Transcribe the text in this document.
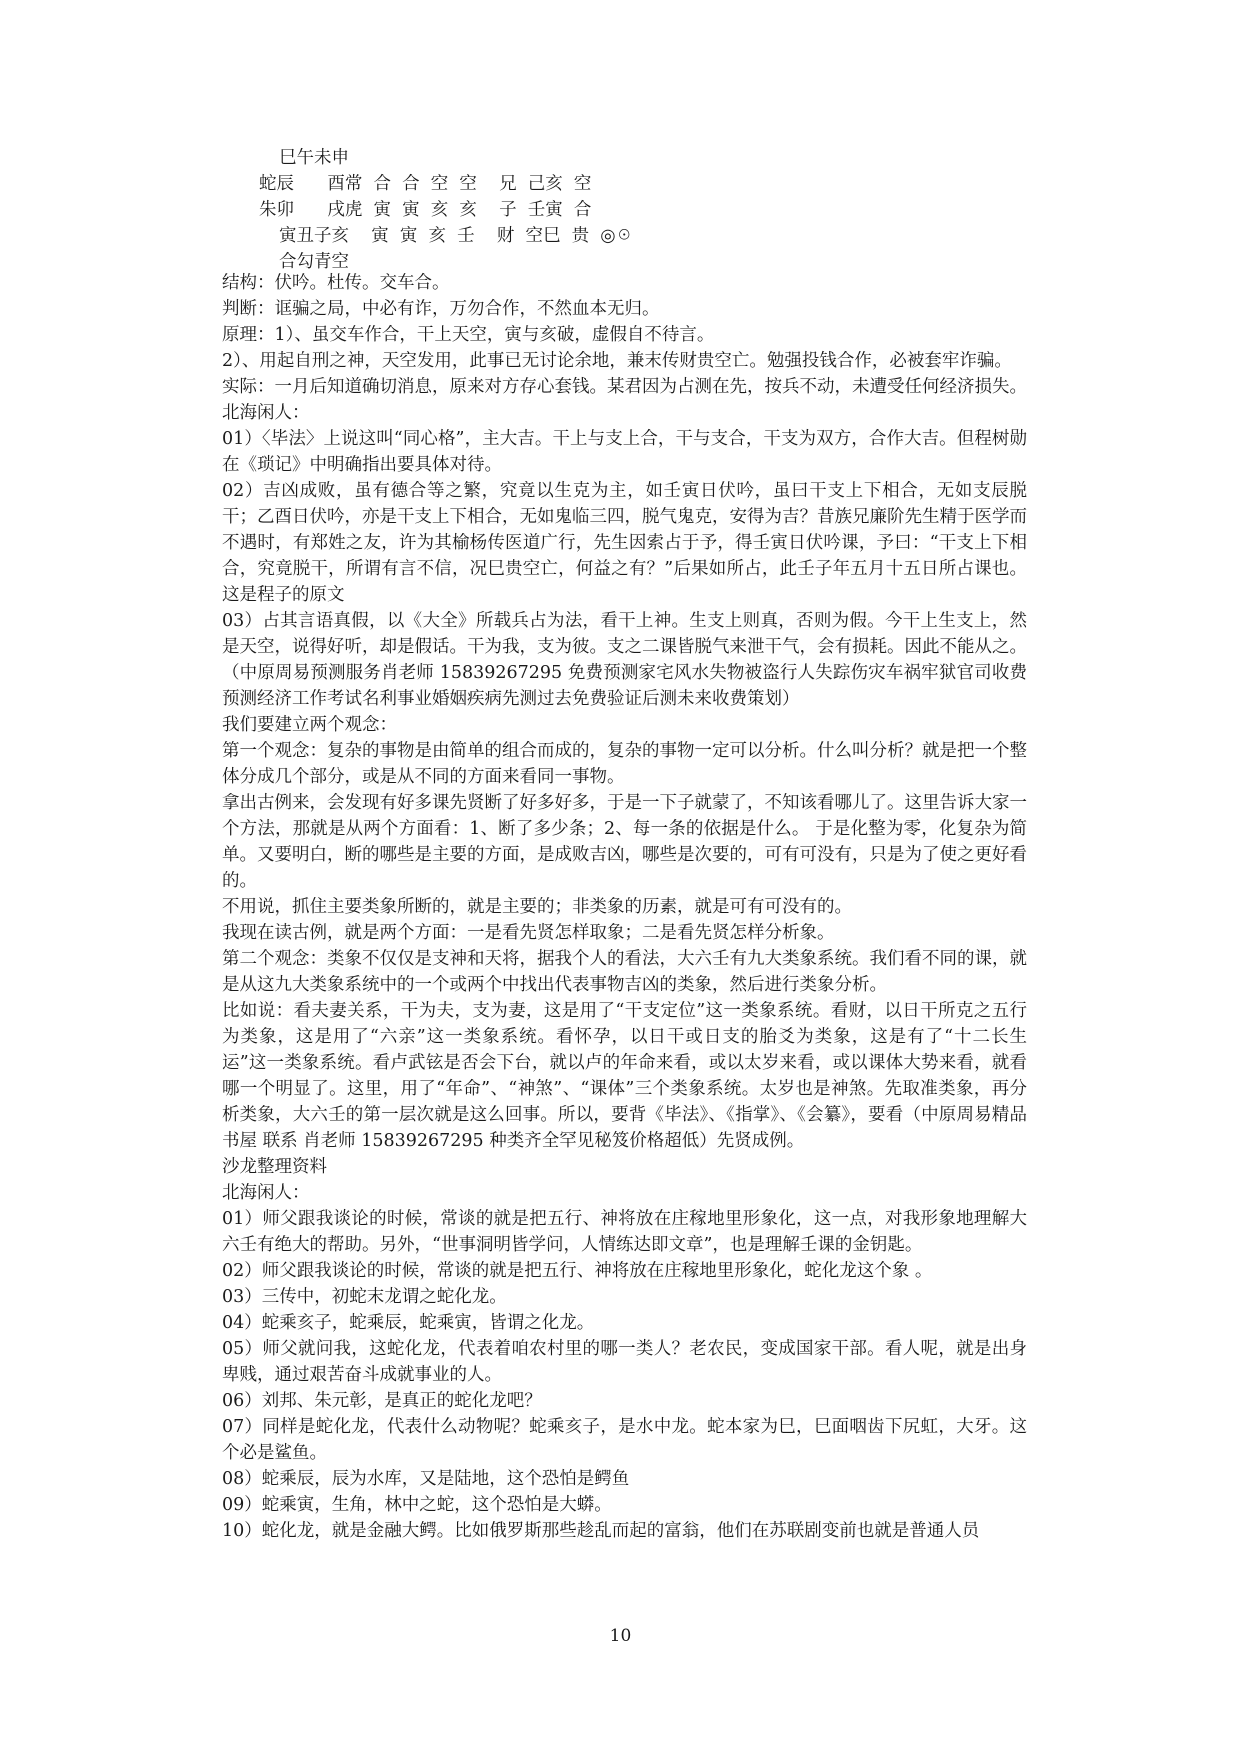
巳午未申
蛇辰      酉常  合  合  空  空    兄  己亥  空
朱卯      戌虎  寅  寅  亥  亥    子  壬寅  合
寅丑子亥    寅  寅  亥  壬    财  空巳  贵  ◎☉
合勾青空

结构：伏吟。杜传。交车合。

判断：诓骗之局，中必有诈，万勿合作，不然血本无归。

原理：1）、虽交车作合，干上天空，寅与亥破，虚假自不待言。

2）、用起自刑之神，天空发用，此事已无讨论余地，兼末传财贵空亡。勉强投钱合作，必被套牢诈骗。

实际：一月后知道确切消息，原来对方存心套钱。某君因为占测在先，按兵不动，未遭受任何经济损失。

北海闲人：

01）〈毕法〉上说这叫“同心格”，主大吉。干上与支上合，干与支合，干支为双方，合作大吉。但程树勋在《琐记》中明确指出要具体对待。

02）吉凶成败，虽有德合等之繁，究竟以生克为主，如壬寅日伏吟，虽曰干支上下相合，无如支辰脱干；乙酉日伏吟，亦是干支上下相合，无如鬼临三四，脱气鬼克，安得为吉？昔族兄廉阶先生精于医学而不遇时，有郑姓之友，许为其榆杨传医道广行，先生因索占于予，得壬寅日伏吟课，予曰：“干支上下相合，究竟脱干，所谓有言不信，况巳贵空亡，何益之有？”后果如所占，此壬子年五月十五日所占课也。这是程子的原文

03）占其言语真假，以《大全》所载兵占为法，看干上神。生支上则真，否则为假。今干上生支上，然是天空，说得好听，却是假话。干为我，支为彼。支之二课皆脱气来泄干气，会有损耗。因此不能从之。

（中原周易预测服务肖老师 15839267295 免费预测家宅风水失物被盗行人失踪伤灾车祸牢狱官司收费预测经济工作考试名利事业婚姻疾病先测过去免费验证后测未来收费策划）

我们要建立两个观念：

第一个观念：复杂的事物是由简单的组合而成的，复杂的事物一定可以分析。什么叫分析？就是把一个整体分成几个部分，或是从不同的方面来看同一事物。

拿出古例来，会发现有好多课先贤断了好多好多，于是一下子就蒙了，不知该看哪儿了。这里告诉大家一个方法，那就是从两个方面看：1、断了多少条；2、每一条的依据是什么。 于是化整为零，化复杂为简单。又要明白，断的哪些是主要的方面，是成败吉凶，哪些是次要的，可有可没有，只是为了使之更好看的。

不用说，抓住主要类象所断的，就是主要的；非类象的历素，就是可有可没有的。

我现在读古例，就是两个方面：一是看先贤怎样取象；二是看先贤怎样分析象。

第二个观念：类象不仅仅是支神和天将，据我个人的看法，大六壬有九大类象系统。我们看不同的课，就是从这九大类象系统中的一个或两个中找出代表事物吉凶的类象，然后进行类象分析。

比如说：看夫妻关系，干为夫，支为妻，这是用了“干支定位”这一类象系统。看财，以日干所克之五行为类象，这是用了“六亲”这一类象系统。看怀孕，以日干或日支的胎爻为类象，这是有了“十二长生运”这一类象系统。看卢武铉是否会下台，就以卢的年命来看，或以太岁来看，或以课体大势来看，就看哪一个明显了。这里，用了“年命”、“神煞”、“课体”三个类象系统。太岁也是神煞。先取准类象，再分析类象，大六壬的第一层次就是这么回事。所以，要背《毕法》、《指掌》、《会纂》，要看（中原周易精品书屋 联系 肖老师 15839267295 种类齐全罕见秘笈价格超低）先贤成例。

沙龙整理资料

北海闲人：

01）师父跟我谈论的时候，常谈的就是把五行、神将放在庄稼地里形象化，这一点，对我形象地理解大六壬有绝大的帮助。另外，“世事洞明皆学问，人情练达即文章”，也是理解壬课的金钥匙。

02）师父跟我谈论的时候，常谈的就是把五行、神将放在庄稼地里形象化，蛇化龙这个象 。

03）三传中，初蛇末龙谓之蛇化龙。

04）蛇乘亥子，蛇乘辰，蛇乘寅，皆谓之化龙。

05）师父就问我，这蛇化龙，代表着咱农村里的哪一类人？老农民，变成国家干部。看人呢，就是出身卑贱，通过艰苦奋斗成就事业的人。

06）刘邦、朱元彰，是真正的蛇化龙吧？

07）同样是蛇化龙，代表什么动物呢？蛇乘亥子，是水中龙。蛇本家为巳，巳面咽齿下尻虹，大牙。这个必是鲨鱼。

08）蛇乘辰，辰为水库，又是陆地，这个恐怕是鳄鱼

09）蛇乘寅，生角，林中之蛇，这个恐怕是大蟒。

10）蛇化龙，就是金融大鳄。比如俄罗斯那些趁乱而起的富翁，他们在苏联剧变前也就是普通人员

10
